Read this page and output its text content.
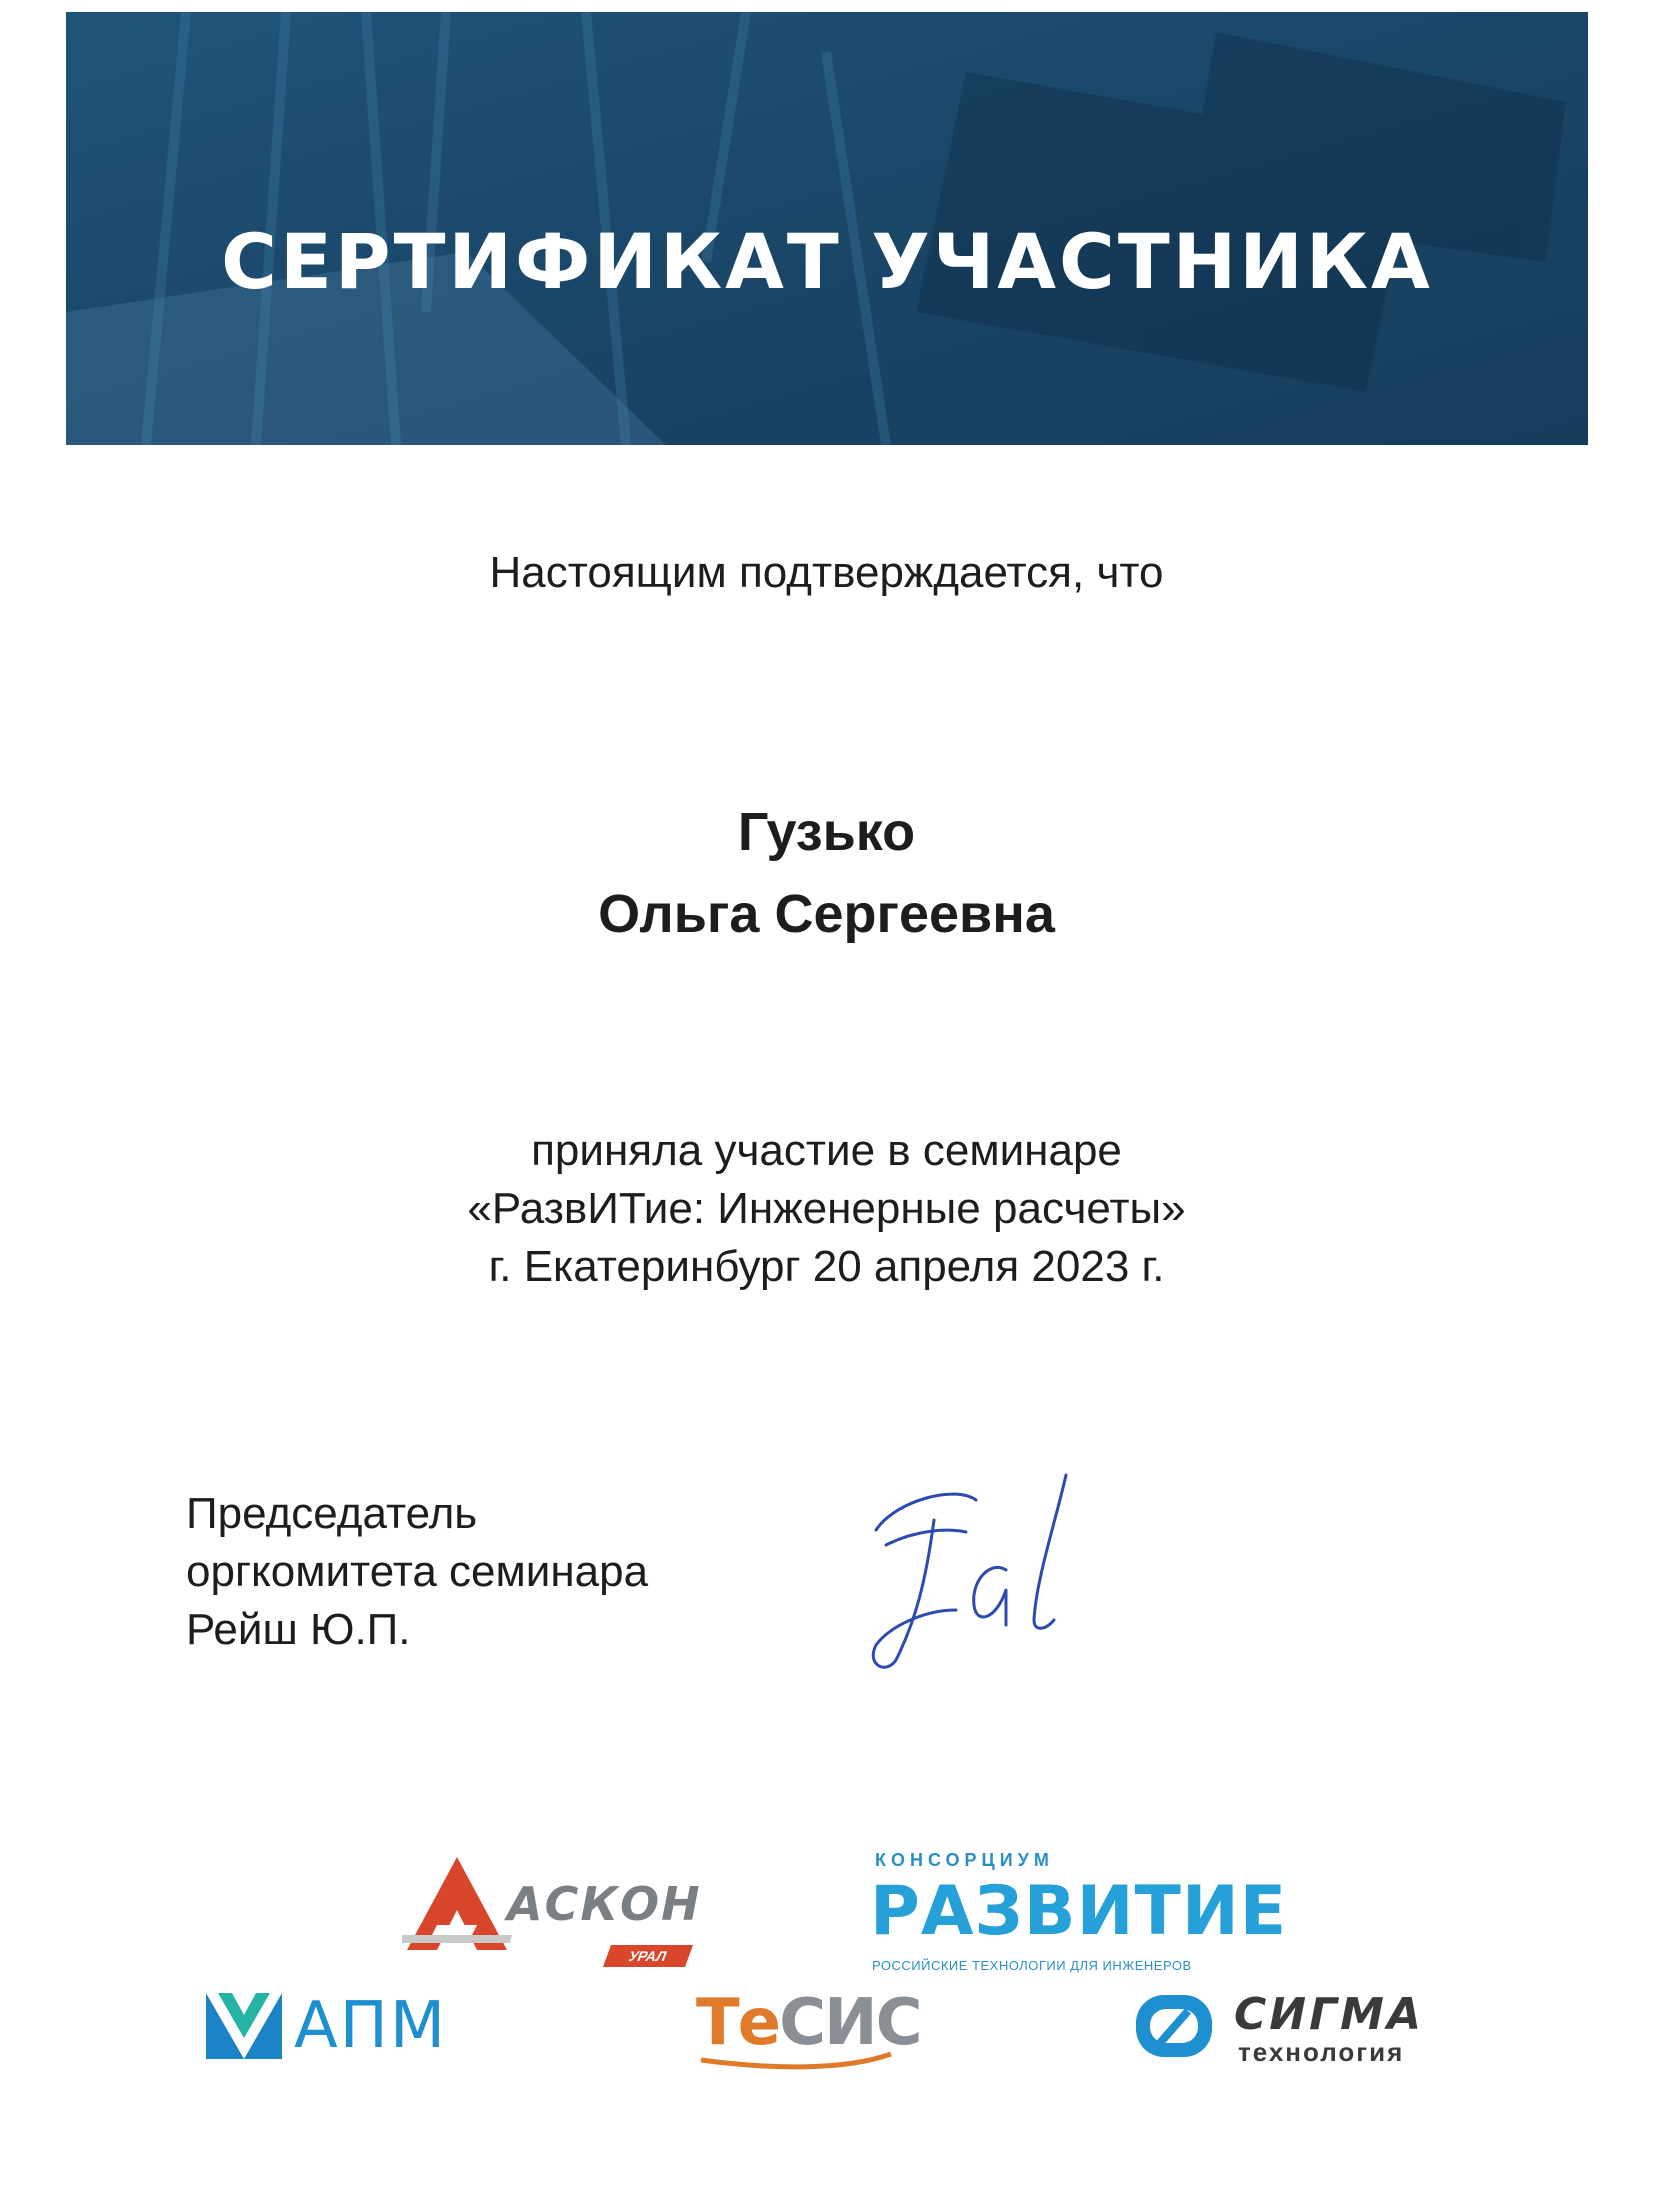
СЕРТИФИКАТ УЧАСТНИКА
Настоящим подтверждается, что
Гузько
Ольга Сергеевна
приняла участие в семинаре
«РазвИТие: Инженерные расчеты»
г. Екатеринбург 20 апреля 2023 г.
Председатель
оргкомитета семинара
Рейш Ю.П.
АСКОН
УРАЛ
КОНСОРЦИУМ
РАЗВИТИЕ
РОССИЙСКИЕ ТЕХНОЛОГИИ ДЛЯ ИНЖЕНЕРОВ
АПМ	ТеСИС	СИГМА
технология
